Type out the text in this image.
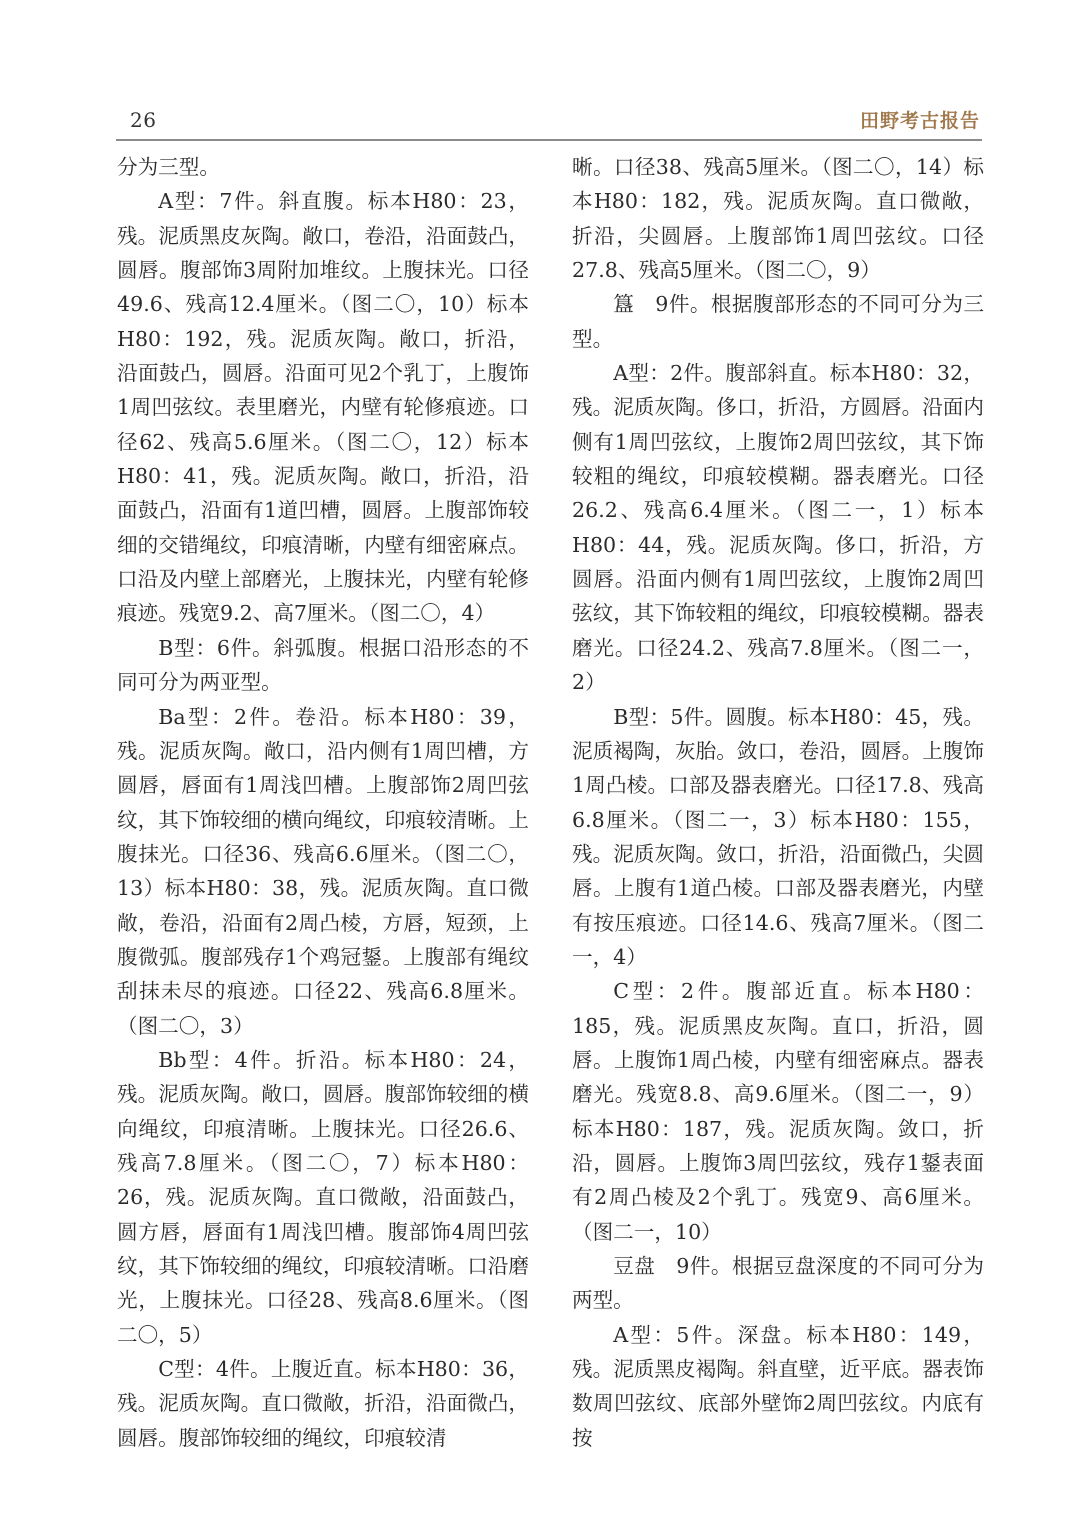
26	田野考古报告

分为三型。

A型：7件。斜直腹。标本H80：23，残。泥质黑皮灰陶。敞口，卷沿，沿面鼓凸，圆唇。腹部饰3周附加堆纹。上腹抹光。口径49.6、残高12.4厘米。（图二〇，10）标本H80：192，残。泥质灰陶。敞口，折沿，沿面鼓凸，圆唇。沿面可见2个乳丁，上腹饰1周凹弦纹。表里磨光，内壁有轮修痕迹。口径62、残高5.6厘米。（图二〇，12）标本H80：41，残。泥质灰陶。敞口，折沿，沿面鼓凸，沿面有1道凹槽，圆唇。上腹部饰较细的交错绳纹，印痕清晰，内壁有细密麻点。口沿及内壁上部磨光，上腹抹光，内壁有轮修痕迹。残宽9.2、高7厘米。（图二〇，4）

B型：6件。斜弧腹。根据口沿形态的不同可分为两亚型。

Ba型：2件。卷沿。标本H80：39，残。泥质灰陶。敞口，沿内侧有1周凹槽，方圆唇，唇面有1周浅凹槽。上腹部饰2周凹弦纹，其下饰较细的横向绳纹，印痕较清晰。上腹抹光。口径36、残高6.6厘米。（图二〇，13）标本H80：38，残。泥质灰陶。直口微敞，卷沿，沿面有2周凸棱，方唇，短颈，上腹微弧。腹部残存1个鸡冠鋬。上腹部有绳纹刮抹未尽的痕迹。口径22、残高6.8厘米。（图二〇，3）

Bb型：4件。折沿。标本H80：24，残。泥质灰陶。敞口，圆唇。腹部饰较细的横向绳纹，印痕清晰。上腹抹光。口径26.6、残高7.8厘米。（图二〇，7）标本H80：26，残。泥质灰陶。直口微敞，沿面鼓凸，圆方唇，唇面有1周浅凹槽。腹部饰4周凹弦纹，其下饰较细的绳纹，印痕较清晰。口沿磨光，上腹抹光。口径28、残高8.6厘米。（图二〇，5）

C型：4件。上腹近直。标本H80：36，残。泥质灰陶。直口微敞，折沿，沿面微凸，圆唇。腹部饰较细的绳纹，印痕较清

晰。口径38、残高5厘米。（图二〇，14）标本H80：182，残。泥质灰陶。直口微敞，折沿，尖圆唇。上腹部饰1周凹弦纹。口径27.8、残高5厘米。（图二〇，9）

簋　9件。根据腹部形态的不同可分为三型。

A型：2件。腹部斜直。标本H80：32，残。泥质灰陶。侈口，折沿，方圆唇。沿面内侧有1周凹弦纹，上腹饰2周凹弦纹，其下饰较粗的绳纹，印痕较模糊。器表磨光。口径26.2、残高6.4厘米。（图二一，1）标本H80：44，残。泥质灰陶。侈口，折沿，方圆唇。沿面内侧有1周凹弦纹，上腹饰2周凹弦纹，其下饰较粗的绳纹，印痕较模糊。器表磨光。口径24.2、残高7.8厘米。（图二一，2）

B型：5件。圆腹。标本H80：45，残。泥质褐陶，灰胎。敛口，卷沿，圆唇。上腹饰1周凸棱。口部及器表磨光。口径17.8、残高6.8厘米。（图二一，3）标本H80：155，残。泥质灰陶。敛口，折沿，沿面微凸，尖圆唇。上腹有1道凸棱。口部及器表磨光，内壁有按压痕迹。口径14.6、残高7厘米。（图二一，4）

C型：2件。腹部近直。标本H80：185，残。泥质黑皮灰陶。直口，折沿，圆唇。上腹饰1周凸棱，内壁有细密麻点。器表磨光。残宽8.8、高9.6厘米。（图二一，9）标本H80：187，残。泥质灰陶。敛口，折沿，圆唇。上腹饰3周凹弦纹，残存1鋬表面有2周凸棱及2个乳丁。残宽9、高6厘米。（图二一，10）

豆盘　9件。根据豆盘深度的不同可分为两型。

A型：5件。深盘。标本H80：149，残。泥质黑皮褐陶。斜直壁，近平底。器表饰数周凹弦纹、底部外壁饰2周凹弦纹。内底有按
